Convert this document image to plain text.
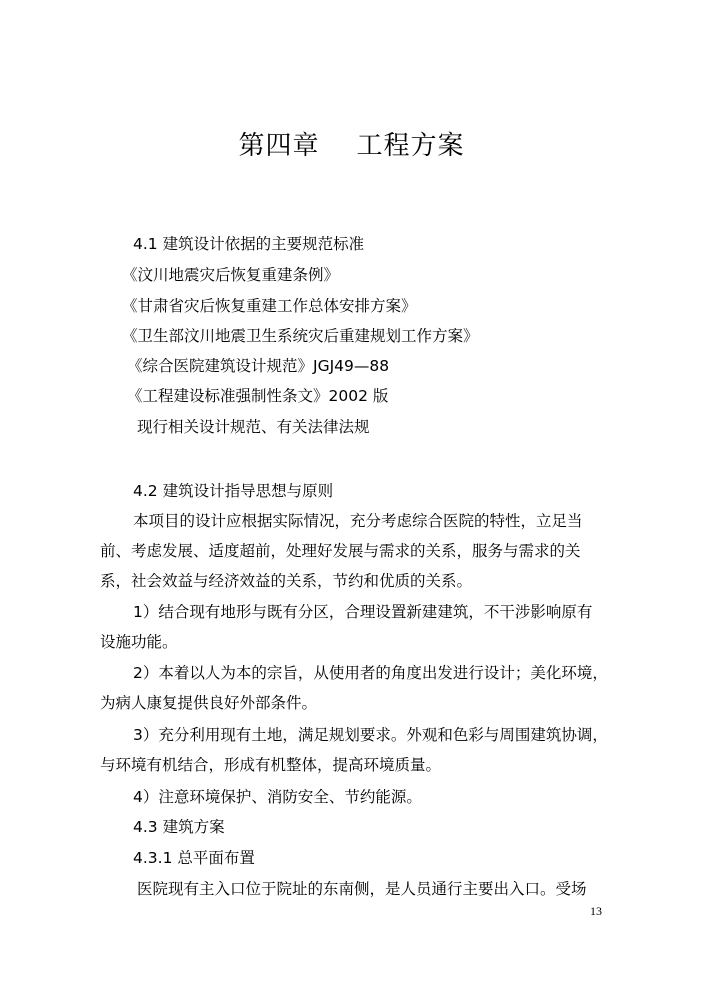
第四章    工程方案
4.1 建筑设计依据的主要规范标准
《汶川地震灾后恢复重建条例》
《甘肃省灾后恢复重建工作总体安排方案》
《卫生部汶川地震卫生系统灾后重建规划工作方案》
《综合医院建筑设计规范》JGJ49—88
《工程建设标准强制性条文》2002 版
现行相关设计规范、有关法律法规
4.2 建筑设计指导思想与原则
本项目的设计应根据实际情况，充分考虑综合医院的特性，立足当
前、考虑发展、适度超前，处理好发展与需求的关系，服务与需求的关
系，社会效益与经济效益的关系，节约和优质的关系。
1）结合现有地形与既有分区，合理设置新建建筑，不干涉影响原有
设施功能。
2）本着以人为本的宗旨，从使用者的角度出发进行设计；美化环境，
为病人康复提供良好外部条件。
3）充分利用现有土地，满足规划要求。外观和色彩与周围建筑协调，
与环境有机结合，形成有机整体，提高环境质量。
4）注意环境保护、消防安全、节约能源。
4.3 建筑方案
4.3.1 总平面布置
医院现有主入口位于院址的东南侧，是人员通行主要出入口。受场
13
